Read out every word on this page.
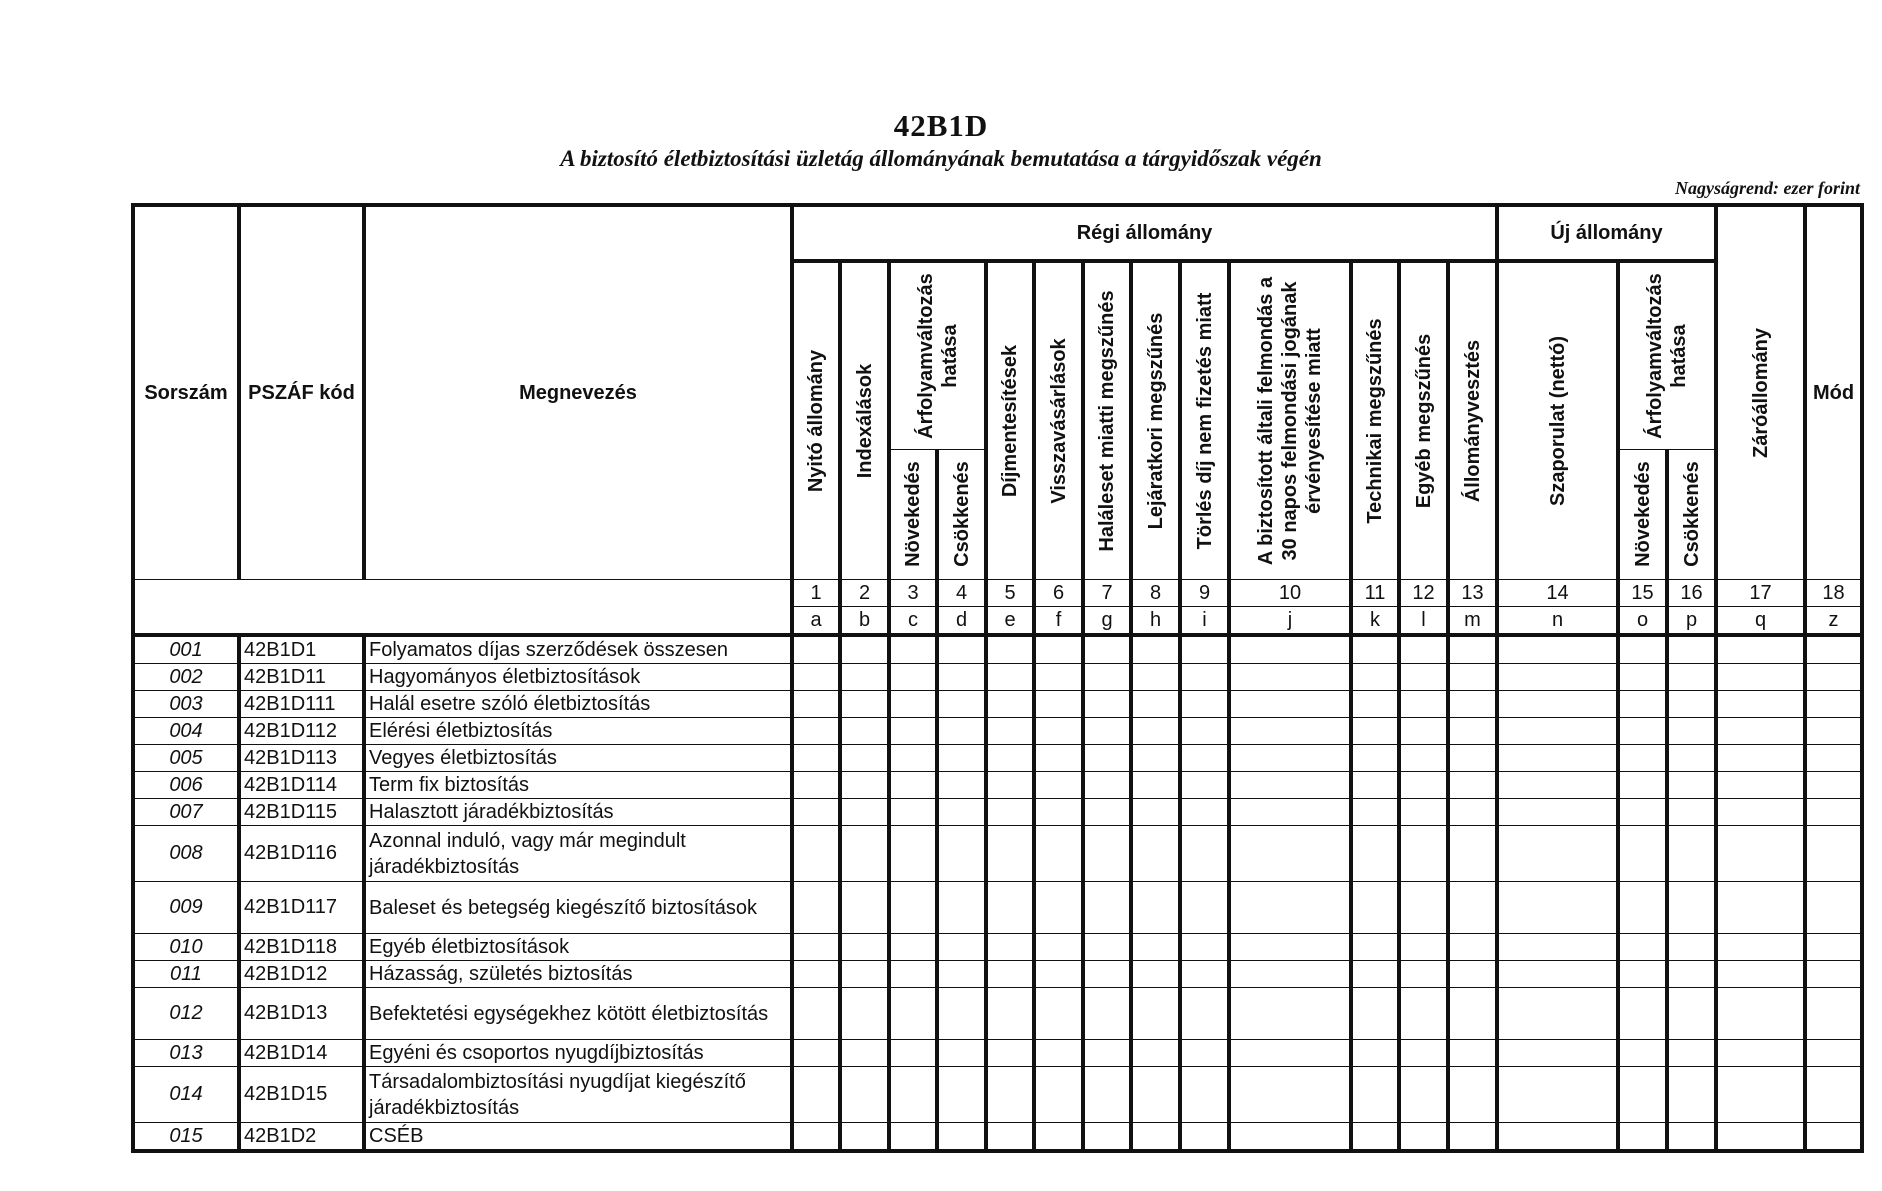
42B1D
A biztosító életbiztosítási üzletág állományának bemutatása a tárgyidőszak végén
Nagyságrend: ezer forint
Sorszám	PSZÁF kód	Megnevezés	Régi állomány													Új állomány			Záróállomány	Mód

			Nyitó állomány	Indexálások	Árfolyamváltozás hatása		Díjmentesítések	Visszavásárlások	Haláleset miatti megszűnés	Lejáratkori megszűnés	Törlés díj nem fizetés miatt	A biztosított általi felmondás a 30 napos felmondási jogának érvényesítése miatt	Technikai megszűnés	Egyéb megszűnés	Állományvesztés	Szaporulat (nettó)	Árfolyamváltozás hatása			

					Növekedés	Csökkenés											Növekedés	Csökkenés		

			1	2	3	4	5	6	7	8	9	10	11	12	13	14	15	16	17	18
			a	b	c	d	e	f	g	h	i	j	k	l	m	n	o	p	q	z
001	42B1D1	Folyamatos díjas szerződések összesen																		
002	42B1D11	Hagyományos életbiztosítások																		
003	42B1D111	Halál esetre szóló életbiztosítás																		
004	42B1D112	Elérési életbiztosítás																		
005	42B1D113	Vegyes életbiztosítás																		
006	42B1D114	Term fix biztosítás																		
007	42B1D115	Halasztott járadékbiztosítás																		
008	42B1D116	Azonnal induló, vagy már megindult járadékbiztosítás																		
009	42B1D117	Baleset és betegség kiegészítő biztosítások																		
010	42B1D118	Egyéb életbiztosítások																		
011	42B1D12	Házasság, születés biztosítás																		
012	42B1D13	Befektetési egységekhez kötött életbiztosítás																		
013	42B1D14	Egyéni és csoportos nyugdíjbiztosítás																		
014	42B1D15	Társadalombiztosítási nyugdíjat kiegészítő járadékbiztosítás																		
015	42B1D2	CSÉB																		
